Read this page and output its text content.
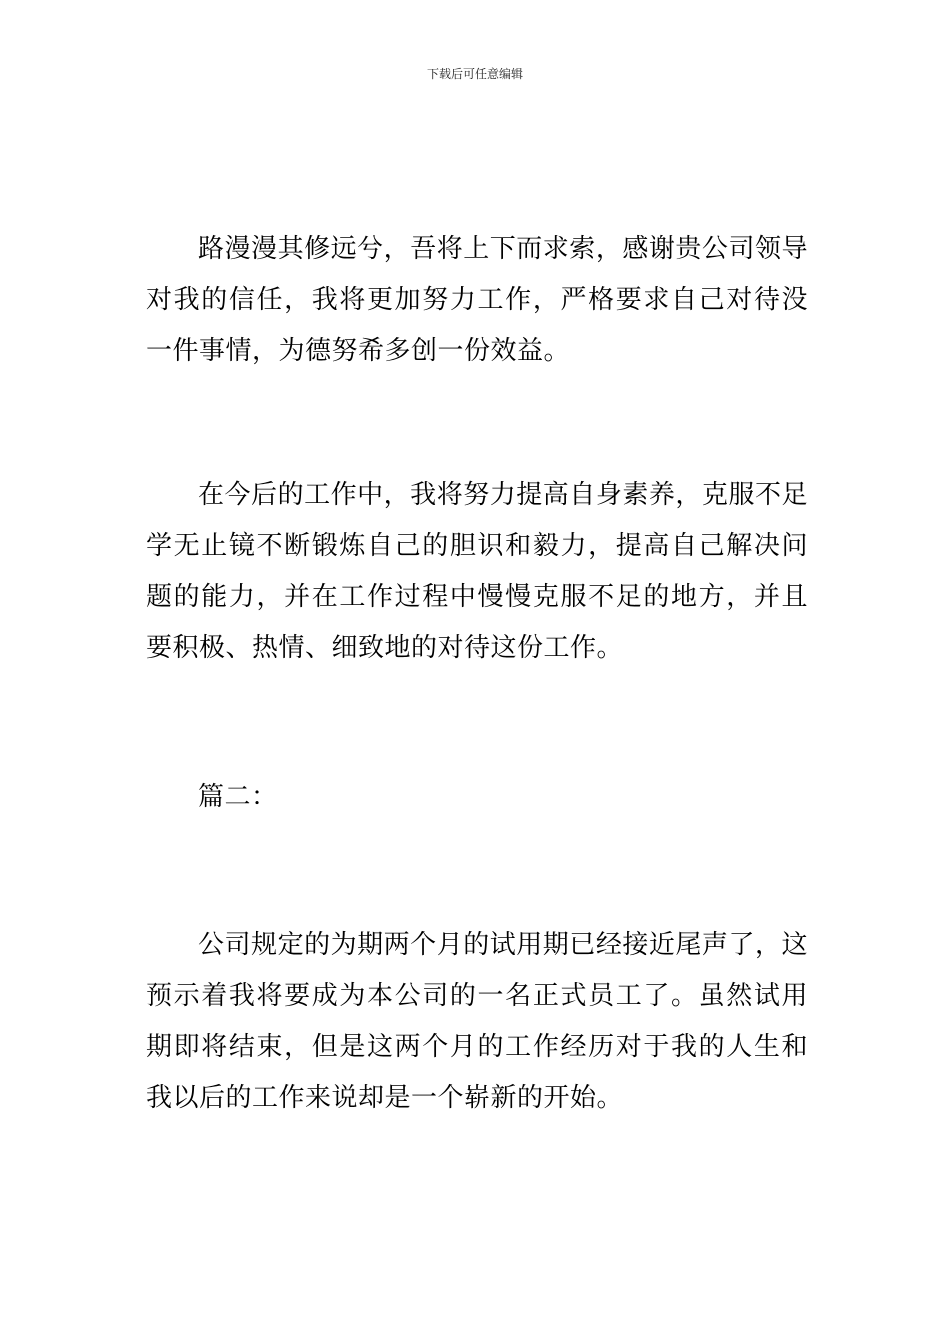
下载后可任意编辑

路漫漫其修远兮，吾将上下而求索，感谢贵公司领导对我的信任，我将更加努力工作，严格要求自己对待没一件事情，为德努希多创一份效益。

在今后的工作中，我将努力提高自身素养，克服不足学无止镜不断锻炼自己的胆识和毅力，提高自己解决问题的能力，并在工作过程中慢慢克服不足的地方，并且要积极、热情、细致地的对待这份工作。

篇二：

公司规定的为期两个月的试用期已经接近尾声了，这预示着我将要成为本公司的一名正式员工了。虽然试用期即将结束，但是这两个月的工作经历对于我的人生和我以后的工作来说却是一个崭新的开始。
